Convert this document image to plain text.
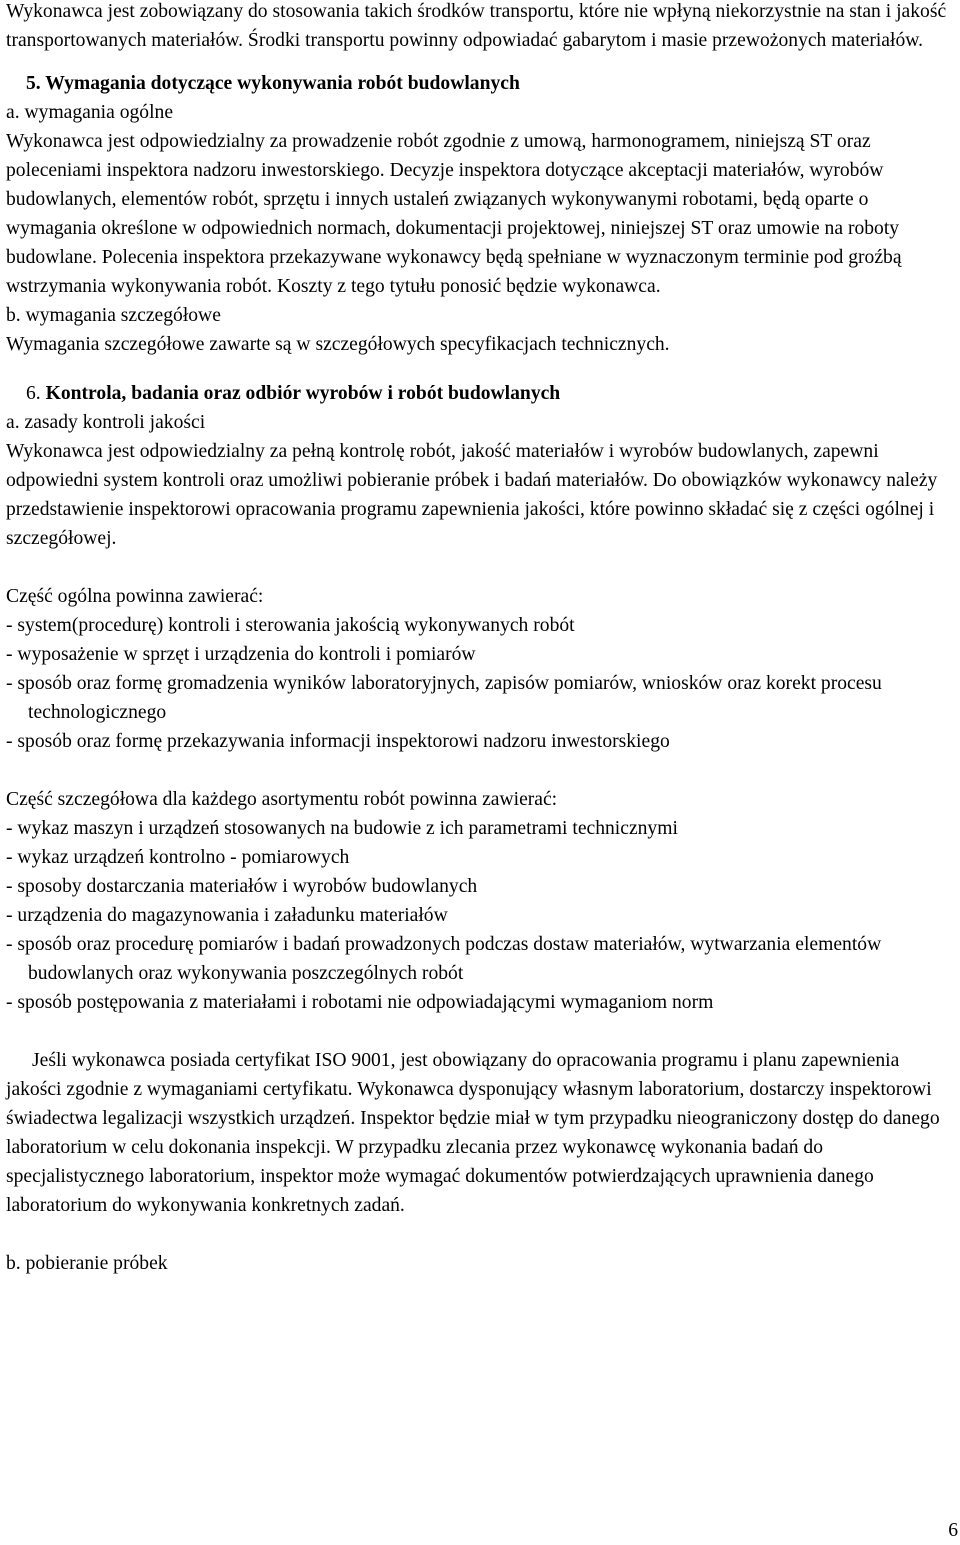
Wykonawca jest zobowiązany do stosowania takich środków transportu, które nie wpłyną niekorzystnie na stan i jakość transportowanych materiałów. Środki transportu powinny odpowiadać gabarytom i masie przewożonych materiałów.

5. Wymagania dotyczące wykonywania robót budowlanych

a. wymagania ogólne

Wykonawca jest odpowiedzialny za prowadzenie robót zgodnie z umową, harmonogramem, niniejszą ST oraz poleceniami inspektora nadzoru inwestorskiego. Decyzje inspektora dotyczące akceptacji materiałów, wyrobów budowlanych, elementów robót, sprzętu i innych ustaleń związanych wykonywanymi robotami, będą oparte o wymagania określone w odpowiednich normach, dokumentacji projektowej, niniejszej ST oraz umowie na roboty budowlane. Polecenia inspektora przekazywane wykonawcy będą spełniane w wyznaczonym terminie pod groźbą wstrzymania wykonywania robót. Koszty z tego tytułu ponosić będzie wykonawca.

b. wymagania szczegółowe

Wymagania szczegółowe zawarte są w szczegółowych specyfikacjach technicznych.

6. Kontrola, badania oraz odbiór wyrobów i robót budowlanych

a. zasady kontroli jakości

Wykonawca jest odpowiedzialny za pełną kontrolę robót, jakość materiałów i wyrobów budowlanych, zapewni odpowiedni system kontroli oraz umożliwi pobieranie próbek i badań materiałów. Do obowiązków wykonawcy należy przedstawienie inspektorowi opracowania programu zapewnienia jakości, które powinno składać się z części ogólnej i szczegółowej.

Część ogólna powinna zawierać:

- system(procedurę) kontroli i sterowania jakością wykonywanych robót

- wyposażenie w sprzęt i urządzenia do kontroli i pomiarów

- sposób oraz formę gromadzenia wyników laboratoryjnych, zapisów pomiarów, wniosków oraz korekt procesu technologicznego

- sposób oraz formę przekazywania informacji inspektorowi nadzoru inwestorskiego

Część szczegółowa dla każdego asortymentu robót powinna zawierać:

- wykaz maszyn i urządzeń stosowanych na budowie z ich parametrami technicznymi

- wykaz urządzeń kontrolno - pomiarowych

- sposoby dostarczania materiałów i wyrobów budowlanych

- urządzenia do magazynowania i załadunku materiałów

- sposób oraz procedurę pomiarów i badań prowadzonych podczas dostaw materiałów, wytwarzania elementów budowlanych oraz wykonywania poszczególnych robót

- sposób postępowania z materiałami i robotami nie odpowiadającymi wymaganiom norm

Jeśli wykonawca posiada certyfikat ISO 9001, jest obowiązany do opracowania programu i planu zapewnienia jakości zgodnie z wymaganiami certyfikatu. Wykonawca dysponujący własnym laboratorium, dostarczy inspektorowi świadectwa legalizacji wszystkich urządzeń. Inspektor będzie miał w tym przypadku nieograniczony dostęp do danego laboratorium w celu dokonania inspekcji. W przypadku zlecania przez wykonawcę wykonania badań do specjalistycznego laboratorium, inspektor może wymagać dokumentów potwierdzających uprawnienia danego laboratorium do wykonywania konkretnych zadań.

b. pobieranie próbek

6
